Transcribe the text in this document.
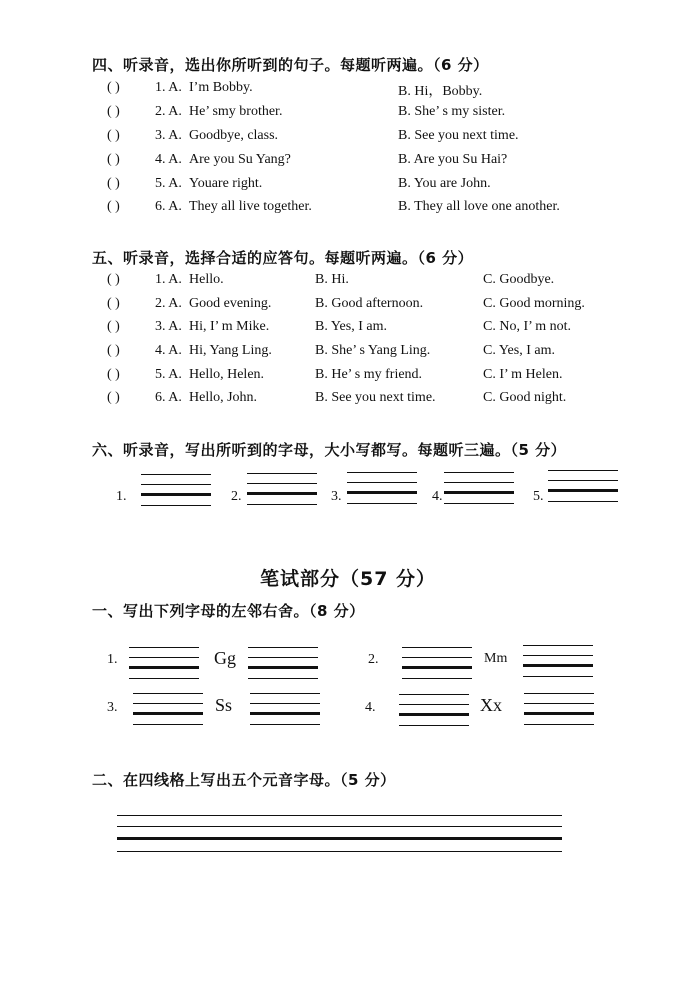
四、听录音，选出你所听到的句子。每题听两遍。（6 分）
( )	1. A. I’m Bobby.	B. Hi，Bobby.
( )	2. A. He’ smy brother.	B. She’ s my sister.
( )	3. A. Goodbye, class.	B. See you next time.
( )	4. A. Are you Su Yang?	B. Are you Su Hai?
( )	5. A. Youare right.	B. You are John.
( )	6. A. They all live together.	B. They all love one another.
五、听录音，选择合适的应答句。每题听两遍。（6 分）
( )	1. A. Hello.	B. Hi.	C. Goodbye.
( )	2. A. Good evening.	B. Good afternoon.	C. Good morning.
( )	3. A. Hi, I’ m Mike.	B. Yes, I am.	C. No, I’ m not.
( )	4. A. Hi, Yang Ling.	B. She’ s Yang Ling.	C. Yes, I am.
( )	5. A. Hello, Helen.	B. He’ s my friend.	C. I’ m Helen.
( )	6. A. Hello, John.	B. See you next time.	C. Good night.
六、听录音，写出所听到的字母，大小写都写。每题听三遍。（5 分）
1.	2.	3.	4.	5.
笔试部分（57 分）
一、写出下列字母的左邻右舍。（8 分）
1.	Gg	2.	Mm
3.	Ss	4.	Xx
二、在四线格上写出五个元音字母。（5 分）
